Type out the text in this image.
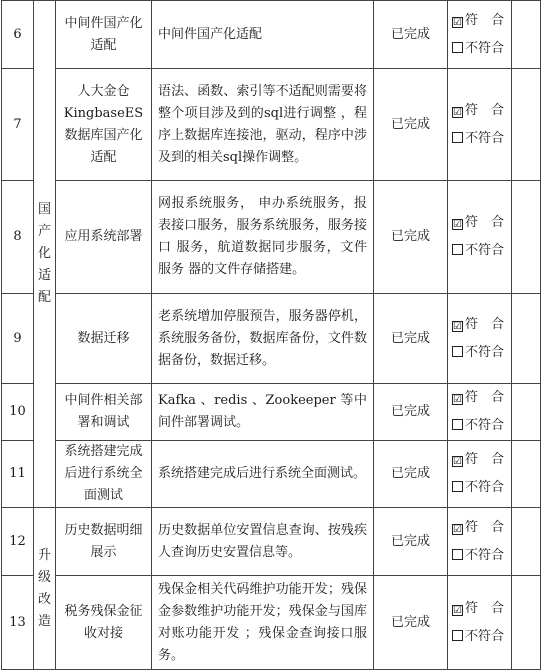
6	国产化适配	中间件国产化适配	中间件国产化适配	已完成	☑ 符　合
不符合	

7		人大金仓KingbaseES数据库国产化适配	语法、函数、索引等不适配则需要将 整个项目涉及到的sql进行调整 ，程序上数据库连接池，驱动，程序中涉及到的相关sql操作调整。	已完成	☑ 符　合
不符合	

8		应用系统部署	网报系统服务， 申办系统服务，报表接口服务，服务系统服务，服务接口 服务，航道数据同步服务，文件服务 器的文件存储搭建。	已完成	☑ 符　合
不符合	

9		数据迁移	老系统增加停服预告，服务器停机，系统服务备份，数据库备份，文件数 据备份，数据迁移。	已完成	☑ 符　合
不符合	

10		中间件相关部署和调试	Kafka 、redis 、Zookeeper 等中间件部署调试。	已完成	☑ 符　合
不符合	

11		系统搭建完成后进行系统全面测试	系统搭建完成后进行系统全面测试。	已完成	☑ 符　合
不符合	

12	升级改造	历史数据明细展示	历史数据单位安置信息查询、按残疾人查询历史安置信息等。	已完成	☑ 符　合
不符合	

13		税务残保金征收对接	残保金相关代码维护功能开发；残保金参数维护功能开发；残保金与国库对账功能开发 ；残保金查询接口服务。	已完成	☑ 符　合
不符合	
